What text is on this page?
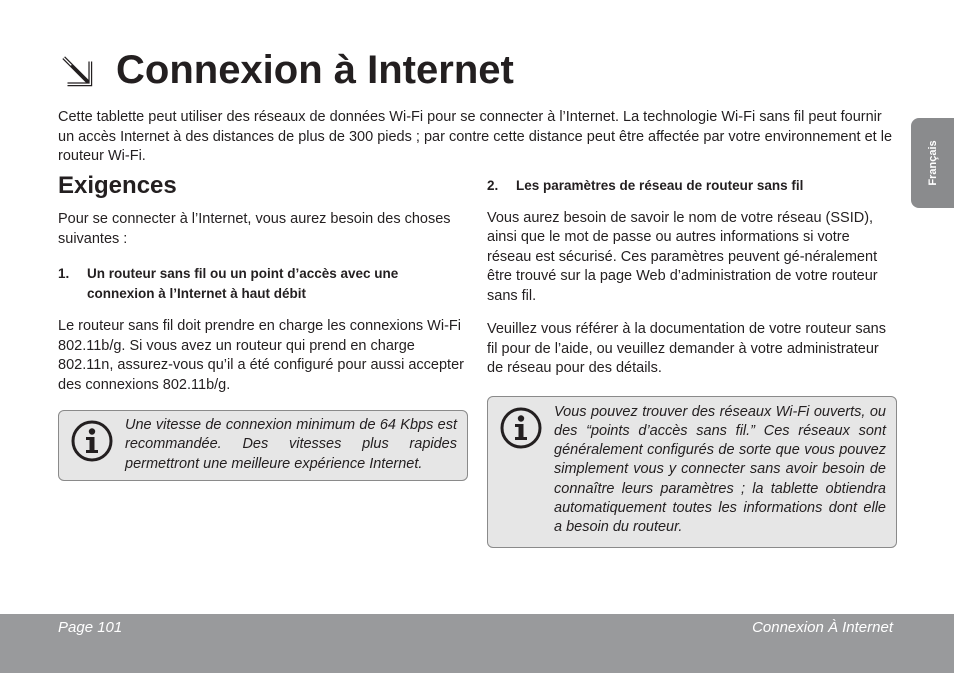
Connexion à Internet
Cette tablette peut utiliser des réseaux de données Wi-Fi pour se connecter à l’Internet. La technologie Wi-Fi sans fil peut fournir un accès Internet à des distances de plus de 300 pieds ; par contre cette distance peut être affectée par votre environnement et le routeur Wi-Fi.
Exigences

Pour se connecter à l’Internet, vous aurez besoin des choses suivantes :

1.	Un routeur sans fil ou un point d’accès avec une connexion à l’Internet à haut débit

Le routeur sans fil doit prendre en charge les connexions Wi-Fi 802.11b/g. Si vous avez un routeur qui prend en charge 802.11n, assurez-vous qu’il a été configuré pour aussi accepter des connexions 802.11b/g.

Une vitesse de connexion minimum de 64 Kbps est recommandée. Des vitesses plus rapides permettront une meilleure expérience Internet.
2.	Les paramètres de réseau de routeur sans fil

Vous aurez besoin de savoir le nom de votre réseau (SSID), ainsi que le mot de passe ou autres informations si votre réseau est sécurisé. Ces paramètres peuvent gé-néralement être trouvé sur la page Web d’administration de votre routeur sans fil.

Veuillez vous référer à la documentation de votre routeur sans fil pour de l’aide, ou veuillez demander à votre administrateur de réseau pour des détails.

Vous pouvez trouver des réseaux Wi-Fi ouverts, ou des “points d’accès sans fil.” Ces réseaux sont généralement configurés de sorte que vous pouvez simplement vous y connecter sans avoir besoin de connaître leurs paramètres ; la tablette obtiendra automatiquement toutes les informations dont elle a besoin du routeur.
Français
Page 101	Connexion À Internet
